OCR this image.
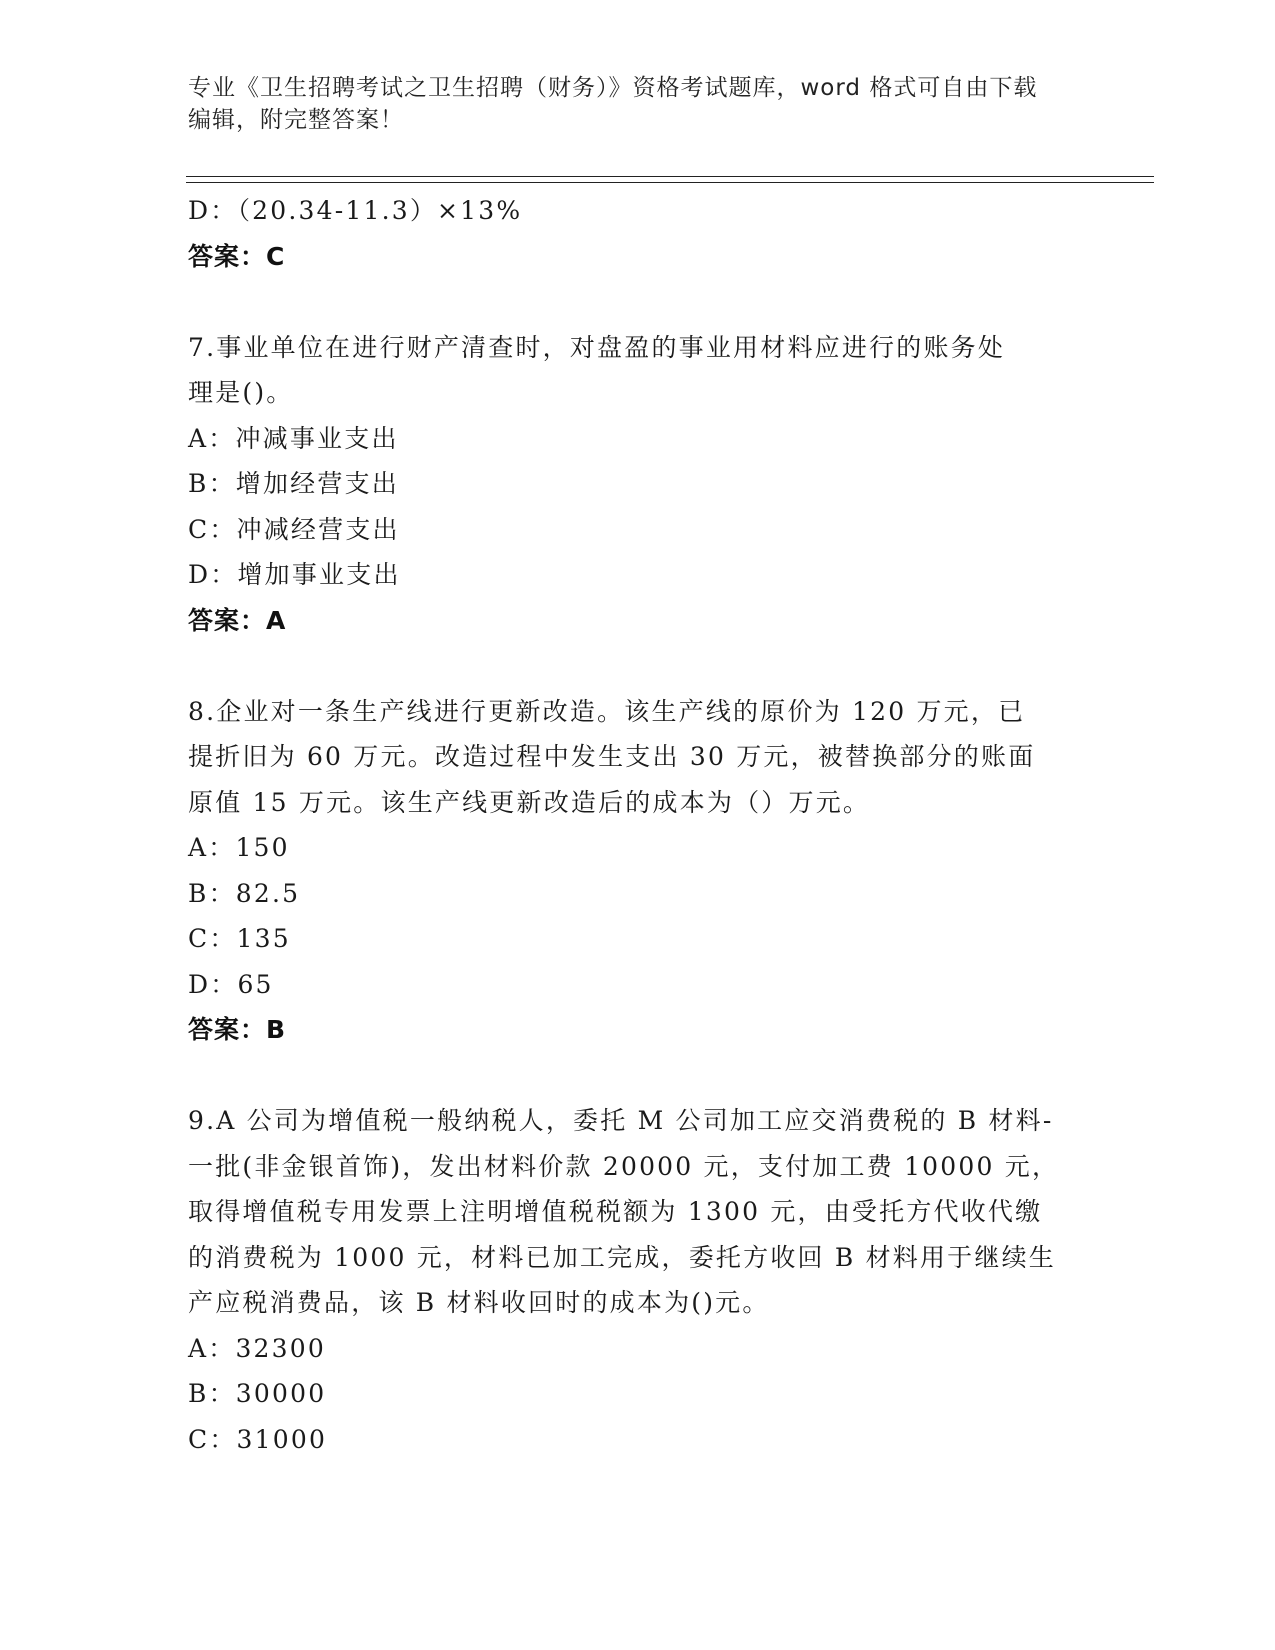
专业《卫生招聘考试之卫生招聘（财务）》资格考试题库，word 格式可自由下载
编辑，附完整答案！
D：（20.34-11.3）×13%
答案：C
7.事业单位在进行财产清查时，对盘盈的事业用材料应进行的账务处
理是()。
A：冲减事业支出
B：增加经营支出
C：冲减经营支出
D：增加事业支出
答案：A
8.企业对一条生产线进行更新改造。该生产线的原价为 120 万元，已
提折旧为 60 万元。改造过程中发生支出 30 万元，被替换部分的账面
原值 15 万元。该生产线更新改造后的成本为（）万元。
A：150
B：82.5
C：135
D：65
答案：B
9.A 公司为增值税一般纳税人，委托 M 公司加工应交消费税的 B 材料-
一批(非金银首饰)，发出材料价款 20000 元，支付加工费 10000 元，
取得增值税专用发票上注明增值税税额为 1300 元，由受托方代收代缴
的消费税为 1000 元，材料已加工完成，委托方收回 B 材料用于继续生
产应税消费品，该 B 材料收回时的成本为()元。
A：32300
B：30000
C：31000
